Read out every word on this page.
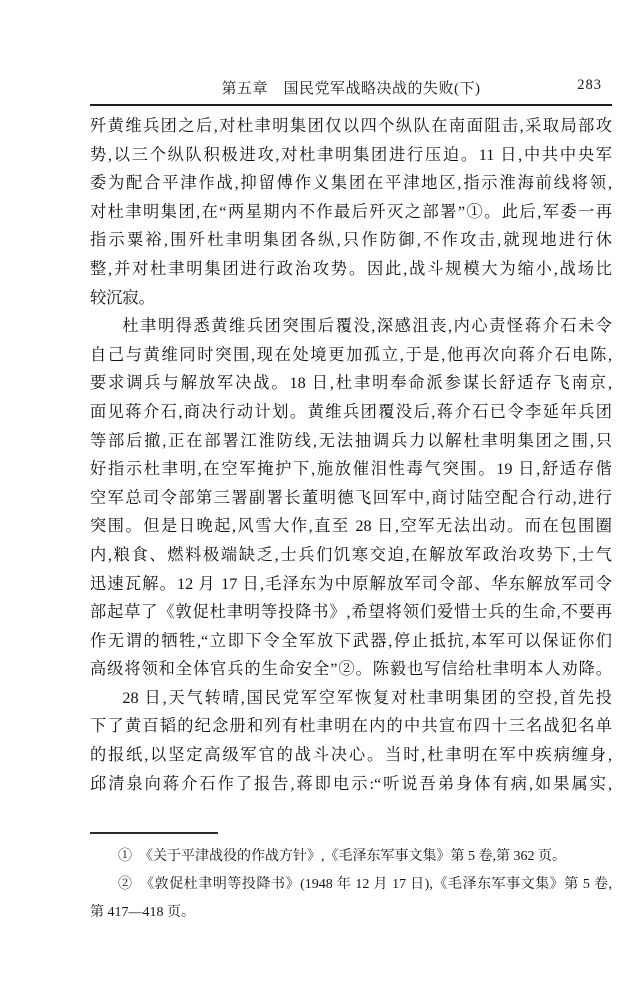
第五章　国民党军战略决战的失败(下)	283
歼黄维兵团之后,对杜聿明集团仅以四个纵队在南面阻击,采取局部攻
势,以三个纵队积极进攻,对杜聿明集团进行压迫。11 日,中共中央军
委为配合平津作战,抑留傅作义集团在平津地区,指示淮海前线将领,
对杜聿明集团,在“两星期内不作最后歼灭之部署”①。此后,军委一再
指示粟裕,围歼杜聿明集团各纵,只作防御,不作攻击,就现地进行休
整,并对杜聿明集团进行政治攻势。因此,战斗规模大为缩小,战场比
较沉寂。
杜聿明得悉黄维兵团突围后覆没,深感沮丧,内心责怪蒋介石未令
自己与黄维同时突围,现在处境更加孤立,于是,他再次向蒋介石电陈,
要求调兵与解放军决战。18 日,杜聿明奉命派参谋长舒适存飞南京,
面见蒋介石,商决行动计划。黄维兵团覆没后,蒋介石已令李延年兵团
等部后撤,正在部署江淮防线,无法抽调兵力以解杜聿明集团之围,只
好指示杜聿明,在空军掩护下,施放催泪性毒气突围。19 日,舒适存偕
空军总司令部第三署副署长董明德飞回军中,商讨陆空配合行动,进行
突围。但是日晚起,风雪大作,直至 28 日,空军无法出动。而在包围圈
内,粮食、燃料极端缺乏,士兵们饥寒交迫,在解放军政治攻势下,士气
迅速瓦解。12 月 17 日,毛泽东为中原解放军司令部、华东解放军司令
部起草了《敦促杜聿明等投降书》,希望将领们爱惜士兵的生命,不要再
作无谓的牺牲,“立即下令全军放下武器,停止抵抗,本军可以保证你们
高级将领和全体官兵的生命安全”②。陈毅也写信给杜聿明本人劝降。
28 日,天气转晴,国民党军空军恢复对杜聿明集团的空投,首先投
下了黄百韬的纪念册和列有杜聿明在内的中共宣布四十三名战犯名单
的报纸,以坚定高级军官的战斗决心。当时,杜聿明在军中疾病缠身,
邱清泉向蒋介石作了报告,蒋即电示:“听说吾弟身体有病,如果属实,
①　《关于平津战役的作战方针》,《毛泽东军事文集》第 5 卷,第 362 页。
②　《敦促杜聿明等投降书》(1948 年 12 月 17 日),《毛泽东军事文集》第 5 卷,
第 417—418 页。
